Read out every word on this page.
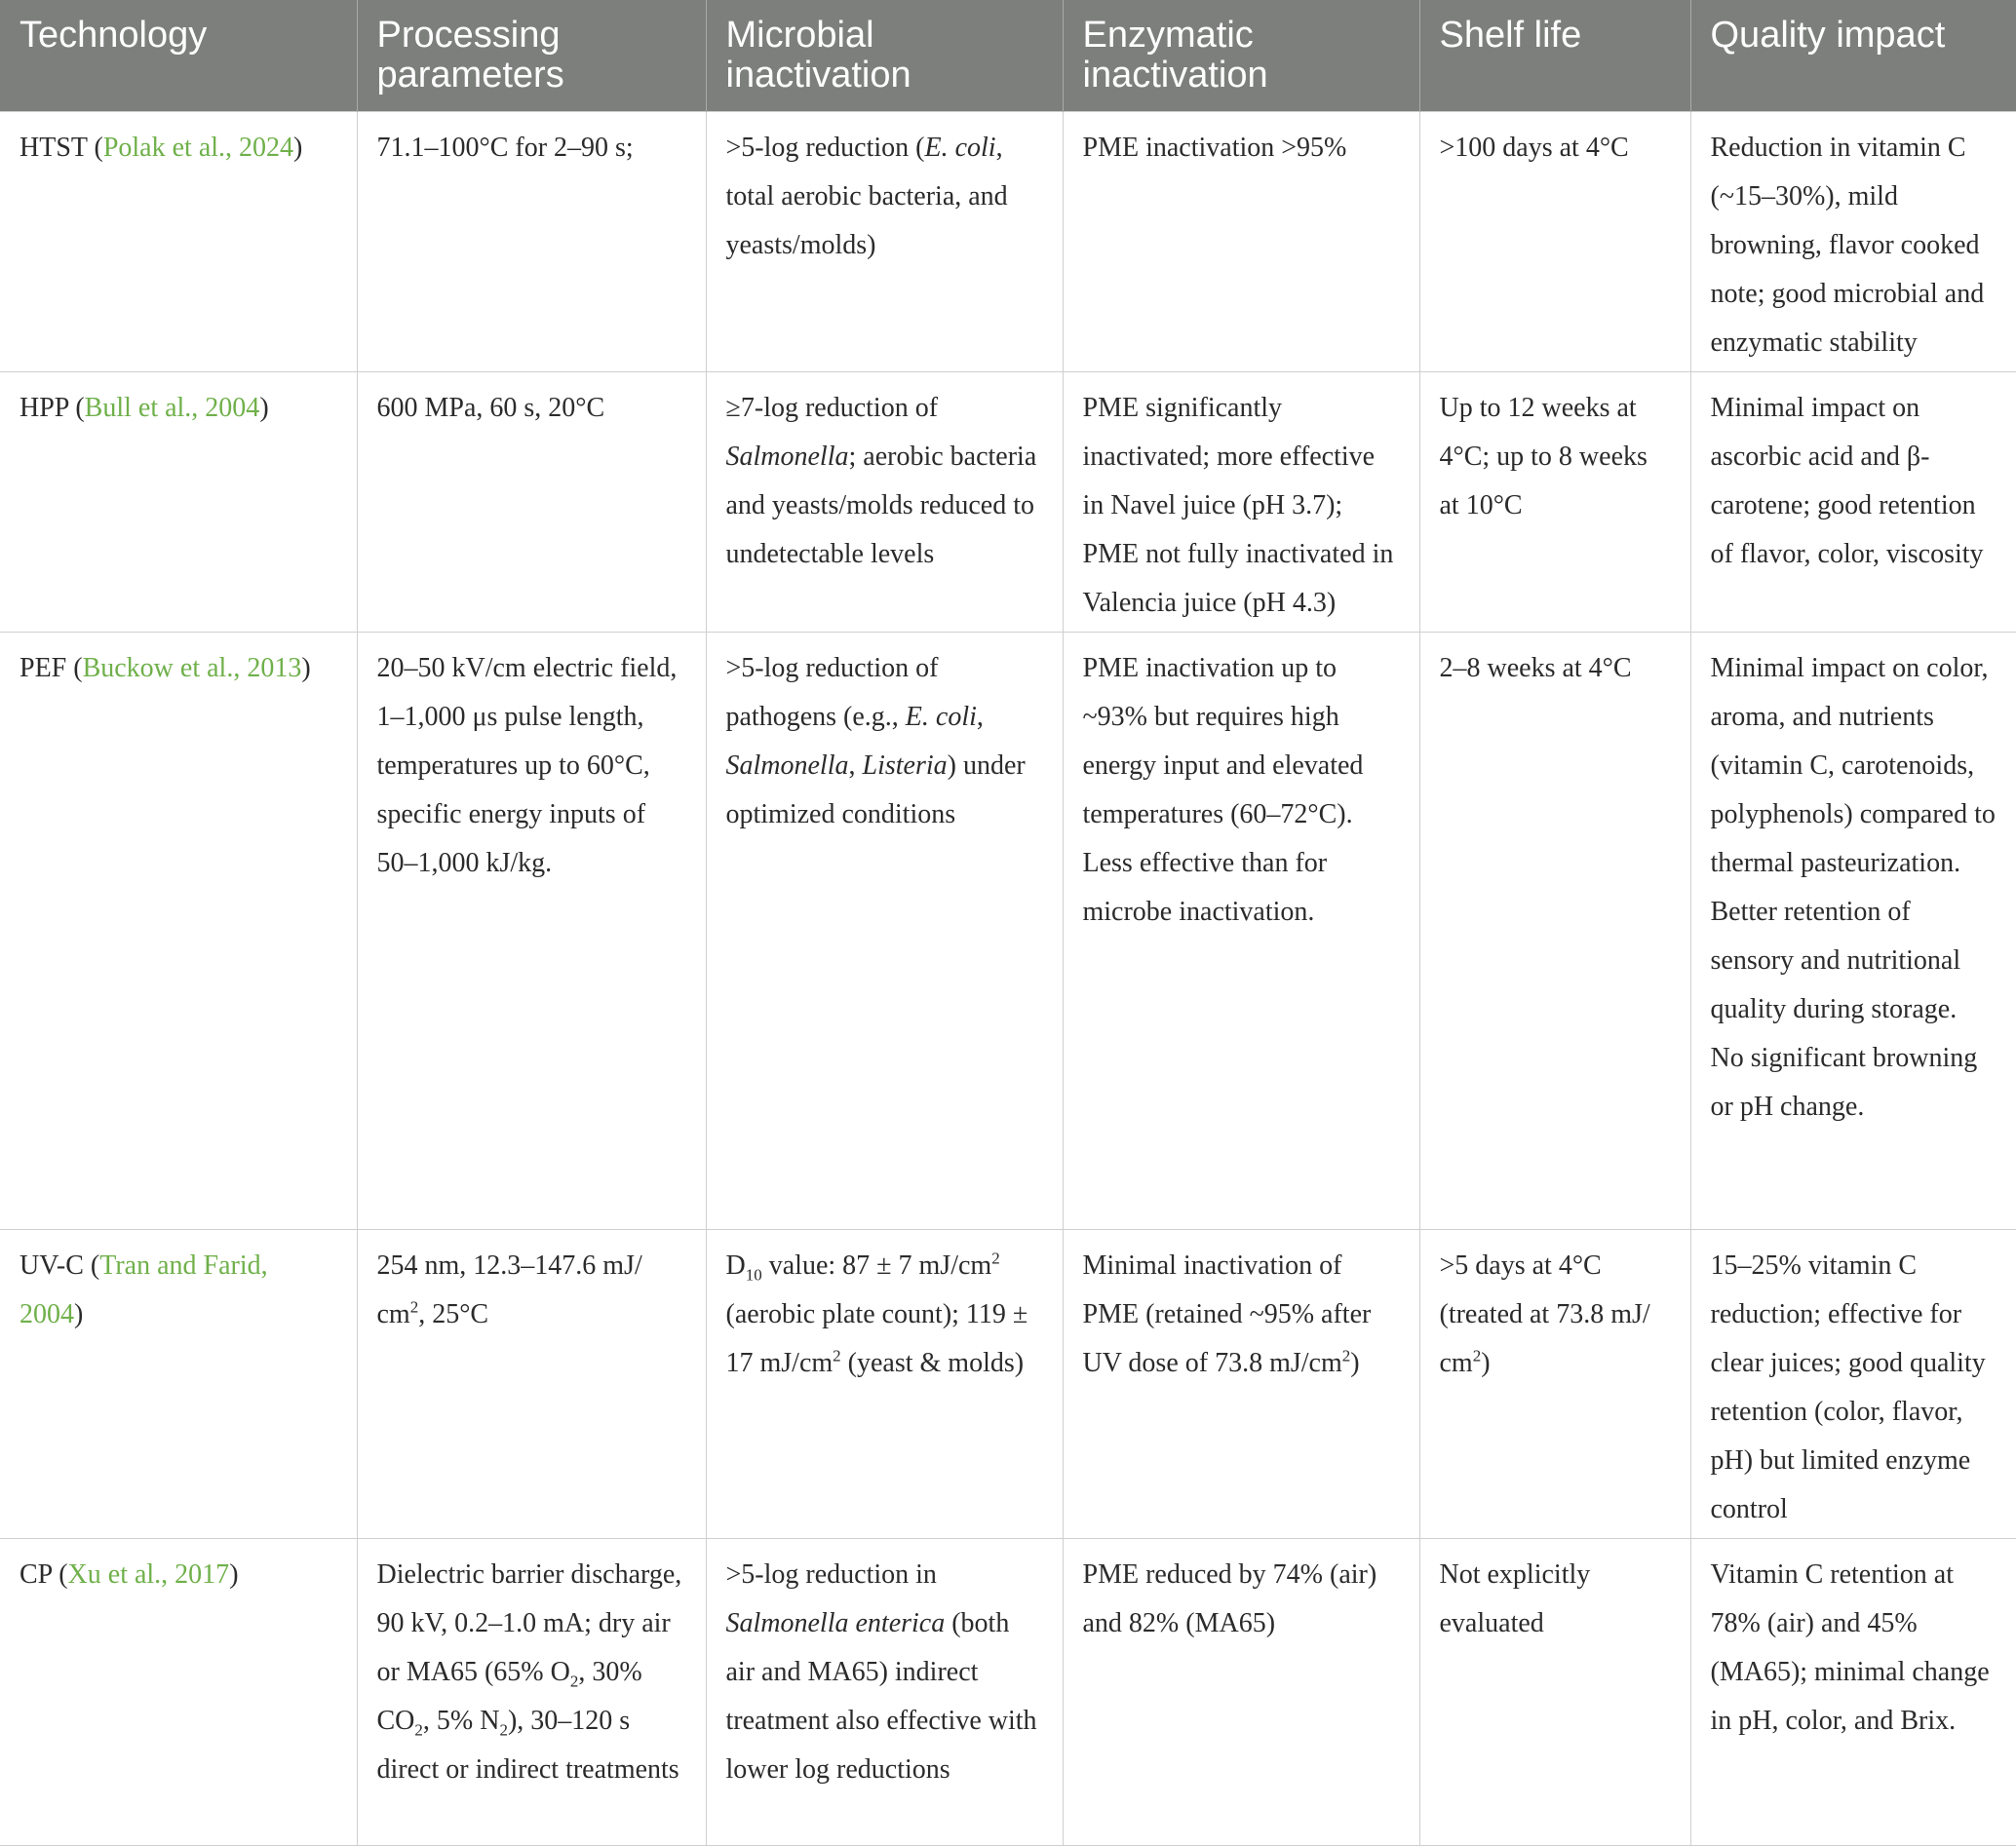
Technology	Processing parameters	Microbial inactivation	Enzymatic inactivation	Shelf life	Quality impact
HTST (Polak et al., 2024)	71.1–100°C for 2–90 s;	>5-log reduction (E. coli, total aerobic bacteria, and yeasts/molds)	PME inactivation >95%	>100 days at 4°C	Reduction in vitamin C (~15–30%), mild browning, flavor cooked note; good microbial and enzymatic stability
HPP (Bull et al., 2004)	600 MPa, 60 s, 20°C	≥7-log reduction of Salmonella; aerobic bacteria and yeasts/molds reduced to undetectable levels	PME significantly inactivated; more effective in Navel juice (pH 3.7); PME not fully inactivated in Valencia juice (pH 4.3)	Up to 12 weeks at 4°C; up to 8 weeks at 10°C	Minimal impact on ascorbic acid and β-carotene; good retention of flavor, color, viscosity
PEF (Buckow et al., 2013)	20–50 kV/cm electric field, 1–1,000 μs pulse length, temperatures up to 60°C, specific energy inputs of 50–1,000 kJ/kg.	>5-log reduction of pathogens (e.g., E. coli, Salmonella, Listeria) under optimized conditions	PME inactivation up to ~93% but requires high energy input and elevated temperatures (60–72°C). Less effective than for microbe inactivation.	2–8 weeks at 4°C	Minimal impact on color, aroma, and nutrients (vitamin C, carotenoids, polyphenols) compared to thermal pasteurization. Better retention of sensory and nutritional quality during storage. No significant browning or pH change.
UV-C (Tran and Farid, 2004)	254 nm, 12.3–147.6 mJ/ $cm^2$, 25°C	$D_{10}$ value: 87 ± 7 $mJ/cm^2$ (aerobic plate count); 119 ± 17 $mJ/cm^2$ (yeast & molds)	Minimal inactivation of PME (retained ~95% after UV dose of 73.8 $mJ/cm^2$)	>5 days at 4°C (treated at 73.8 mJ/ $cm^2$)	15–25% vitamin C reduction; effective for clear juices; good quality retention (color, flavor, pH) but limited enzyme control
CP (Xu et al., 2017)	Dielectric barrier discharge, 90 kV, 0.2–1.0 mA; dry air or MA65 (65% $O_2$, 30% $CO_2$, 5% $N_2$), 30–120 s direct or indirect treatments	>5-log reduction in Salmonella enterica (both air and MA65) indirect treatment also effective with lower log reductions	PME reduced by 74% (air) and 82% (MA65)	Not explicitly evaluated	Vitamin C retention at 78% (air) and 45% (MA65); minimal change in pH, color, and Brix.
